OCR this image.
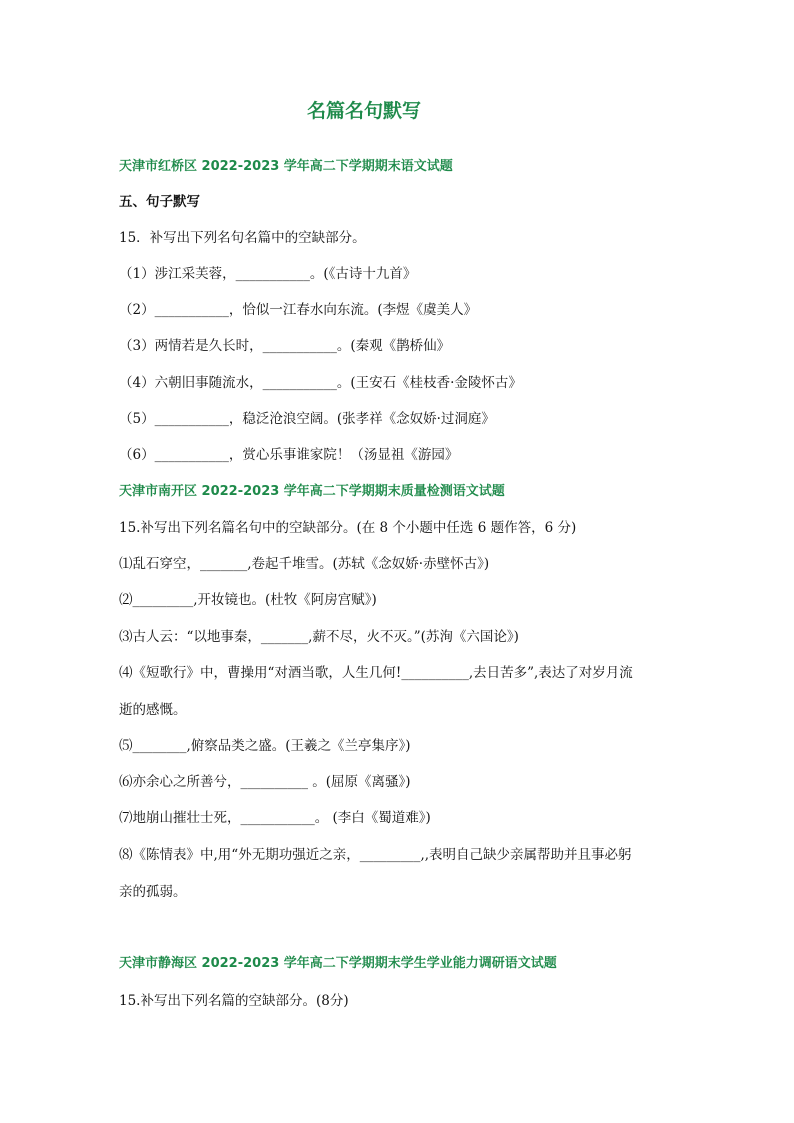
名篇名句默写
天津市红桥区 2022-2023 学年高二下学期期末语文试题
五、句子默写
15．补写出下列名句名篇中的空缺部分。
（1）涉江采芙蓉，___________。(《古诗十九首》
（2）___________，恰似一江春水向东流。(李煜《虞美人》
（3）两情若是久长时，___________。(秦观《鹊桥仙》
（4）六朝旧事随流水，___________。(王安石《桂枝香·金陵怀古》
（5）___________，稳泛沧浪空阔。(张孝祥《念奴娇·过洞庭》
（6）___________，赏心乐事谁家院！（汤显祖《游园》
天津市南开区 2022-2023 学年高二下学期期末质量检测语文试题
15.补写出下列名篇名句中的空缺部分。(在 8 个小题中任选 6 题作答，6 分)
⑴乱石穿空，_______,卷起千堆雪。(苏轼《念奴娇·赤壁怀古》)
⑵_________,开妆镜也。(杜牧《阿房宫赋》)
⑶古人云：“以地事秦，_______,薪不尽，火不灭。”(苏洵《六国论》)
⑷《短歌行》中，曹操用“对酒当歌，人生几何!__________,去日苦多”,表达了对岁月流
逝的感慨。
⑸________,俯察品类之盛。(王羲之《兰亭集序》)
⑹亦余心之所善兮，__________ 。(屈原《离骚》)
⑺地崩山摧壮士死，___________。 (李白《蜀道难》)
⑻《陈情表》中,用“外无期功强近之亲，_________,,表明自己缺少亲属帮助并且事必躬
亲的孤弱。
天津市静海区 2022-2023 学年高二下学期期末学生学业能力调研语文试题
15.补写出下列名篇的空缺部分。(8分)
